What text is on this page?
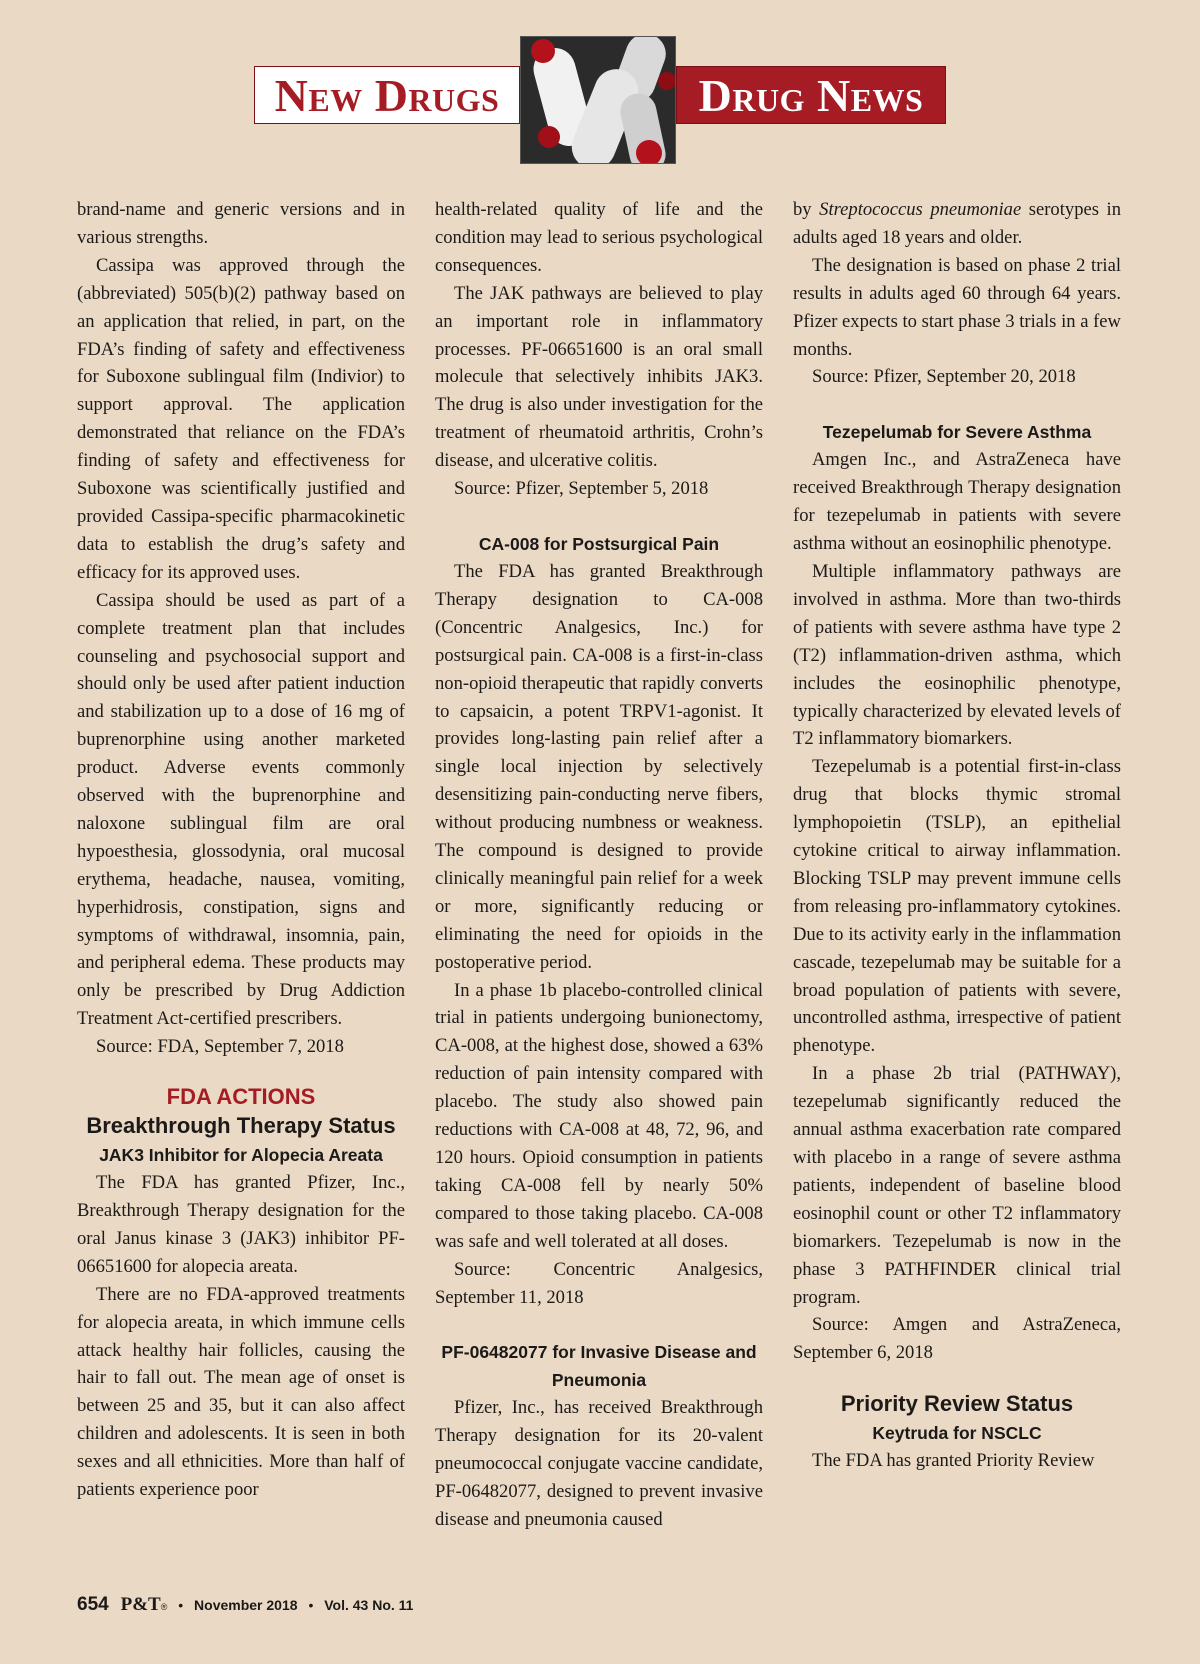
New Drugs	Drug News

brand-name and generic versions and in various strengths.

Cassipa was approved through the (abbreviated) 505(b)(2) pathway based on an application that relied, in part, on the FDA’s finding of safety and effectiveness for Suboxone sublingual film (Indivior) to support approval. The application demonstrated that reliance on the FDA’s finding of safety and effectiveness for Suboxone was scientifically justified and provided Cassipa-specific pharmacokinetic data to establish the drug’s safety and efficacy for its approved uses.

Cassipa should be used as part of a complete treatment plan that includes counseling and psychosocial support and should only be used after patient induction and stabilization up to a dose of 16 mg of buprenorphine using another marketed product. Adverse events commonly observed with the buprenorphine and naloxone sublingual film are oral hypoesthesia, glossodynia, oral mucosal erythema, headache, nausea, vomiting, hyperhidrosis, constipation, signs and symptoms of withdrawal, insomnia, pain, and peripheral edema. These products may only be prescribed by Drug Addiction Treatment Act-certified prescribers.

Source: FDA, September 7, 2018

FDA ACTIONS
Breakthrough Therapy Status
JAK3 Inhibitor for Alopecia Areata

The FDA has granted Pfizer, Inc., Breakthrough Therapy designation for the oral Janus kinase 3 (JAK3) inhibitor PF-06651600 for alopecia areata.

There are no FDA-approved treatments for alopecia areata, in which immune cells attack healthy hair follicles, causing the hair to fall out. The mean age of onset is between 25 and 35, but it can also affect children and adolescents. It is seen in both sexes and all ethnicities. More than half of patients experience poor

health-related quality of life and the condition may lead to serious psychological consequences.

The JAK pathways are believed to play an important role in inflammatory processes. PF-06651600 is an oral small molecule that selectively inhibits JAK3. The drug is also under investigation for the treatment of rheumatoid arthritis, Crohn’s disease, and ulcerative colitis.

Source: Pfizer, September 5, 2018

CA-008 for Postsurgical Pain

The FDA has granted Breakthrough Therapy designation to CA-008 (Concentric Analgesics, Inc.) for postsurgical pain. CA-008 is a first-in-class non-opioid therapeutic that rapidly converts to capsaicin, a potent TRPV1-agonist. It provides long-lasting pain relief after a single local injection by selectively desensitizing pain-conducting nerve fibers, without producing numbness or weakness. The compound is designed to provide clinically meaningful pain relief for a week or more, significantly reducing or eliminating the need for opioids in the postoperative period.

In a phase 1b placebo-controlled clinical trial in patients undergoing bunionectomy, CA-008, at the highest dose, showed a 63% reduction of pain intensity compared with placebo. The study also showed pain reductions with CA-008 at 48, 72, 96, and 120 hours. Opioid consumption in patients taking CA-008 fell by nearly 50% compared to those taking placebo. CA-008 was safe and well tolerated at all doses.

Source: Concentric Analgesics, September 11, 2018

PF-06482077 for Invasive Disease and Pneumonia

Pfizer, Inc., has received Breakthrough Therapy designation for its 20-valent pneumococcal conjugate vaccine candidate, PF-06482077, designed to prevent invasive disease and pneumonia caused

by Streptococcus pneumoniae serotypes in adults aged 18 years and older.

The designation is based on phase 2 trial results in adults aged 60 through 64 years. Pfizer expects to start phase 3 trials in a few months.

Source: Pfizer, September 20, 2018

Tezepelumab for Severe Asthma

Amgen Inc., and AstraZeneca have received Breakthrough Therapy designation for tezepelumab in patients with severe asthma without an eosinophilic phenotype.

Multiple inflammatory pathways are involved in asthma. More than two-thirds of patients with severe asthma have type 2 (T2) inflammation-driven asthma, which includes the eosinophilic phenotype, typically characterized by elevated levels of T2 inflammatory biomarkers.

Tezepelumab is a potential first-in-class drug that blocks thymic stromal lymphopoietin (TSLP), an epithelial cytokine critical to airway inflammation. Blocking TSLP may prevent immune cells from releasing pro-inflammatory cytokines. Due to its activity early in the inflammation cascade, tezepelumab may be suitable for a broad population of patients with severe, uncontrolled asthma, irrespective of patient phenotype.

In a phase 2b trial (PATHWAY), tezepelumab significantly reduced the annual asthma exacerbation rate compared with placebo in a range of severe asthma patients, independent of baseline blood eosinophil count or other T2 inflammatory biomarkers. Tezepelumab is now in the phase 3 PATHFINDER clinical trial program.

Source: Amgen and AstraZeneca, September 6, 2018

Priority Review Status
Keytruda for NSCLC

The FDA has granted Priority Review

654 P&T® • November 2018 • Vol. 43 No. 11
